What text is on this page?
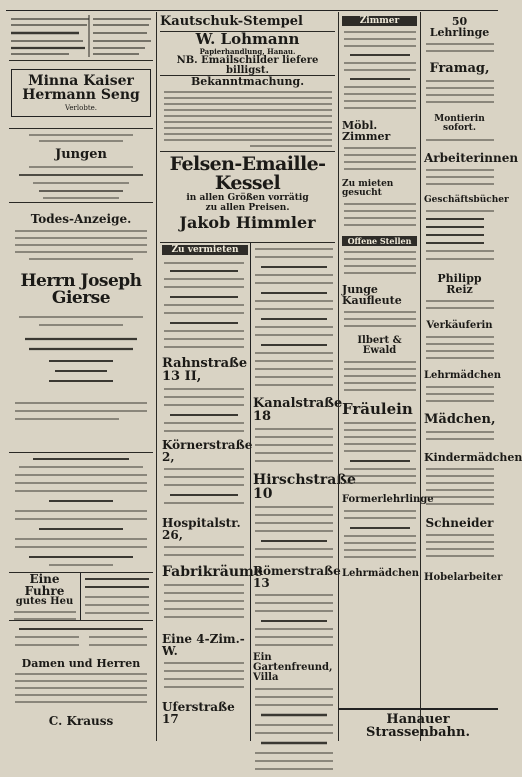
Minna Kaiser
Hermann Seng
Verlobte.
Jungen
Todes-Anzeige.
Herrn Joseph Gierse
Eine Fuhre
gutes Heu
Damen und Herren
C. Krauss
Kautschuk-Stempel
W. Lohmann
Papierhandlung, Hanau.
NB. Emailschilder liefere billigst.
Bekanntmachung.
Felsen-Emaille-Kessel
in allen Größen vorrätig
zu allen Preisen.
Jakob Himmler
Zu vermieten
Rahnstraße 13 II,
Körnerstraße 2,
Hospitalstr. 26,
Fabrikräume
Eine 4-Zim.-W.
Uferstraße 17
Kanalstraße 18
Hirschstraße 10
Römerstraße 13
Ein Gartenfreund, Villa
Zimmer
Möbl. Zimmer
Zu mieten gesucht
Offene Stellen
Junge Kaufleute
Ilbert & Ewald
Fräulein
Formerlehrlinge
Lehrmädchen
50 Lehrlinge
Framag,
Montierin sofort.
Arbeiterinnen
Geschäftsbücher
Philipp Reiz
Verkäuferin
Lehrmädchen
Mädchen,
Kindermädchen
Schneider
Hobelarbeiter
Hanauer Strassenbahn.
